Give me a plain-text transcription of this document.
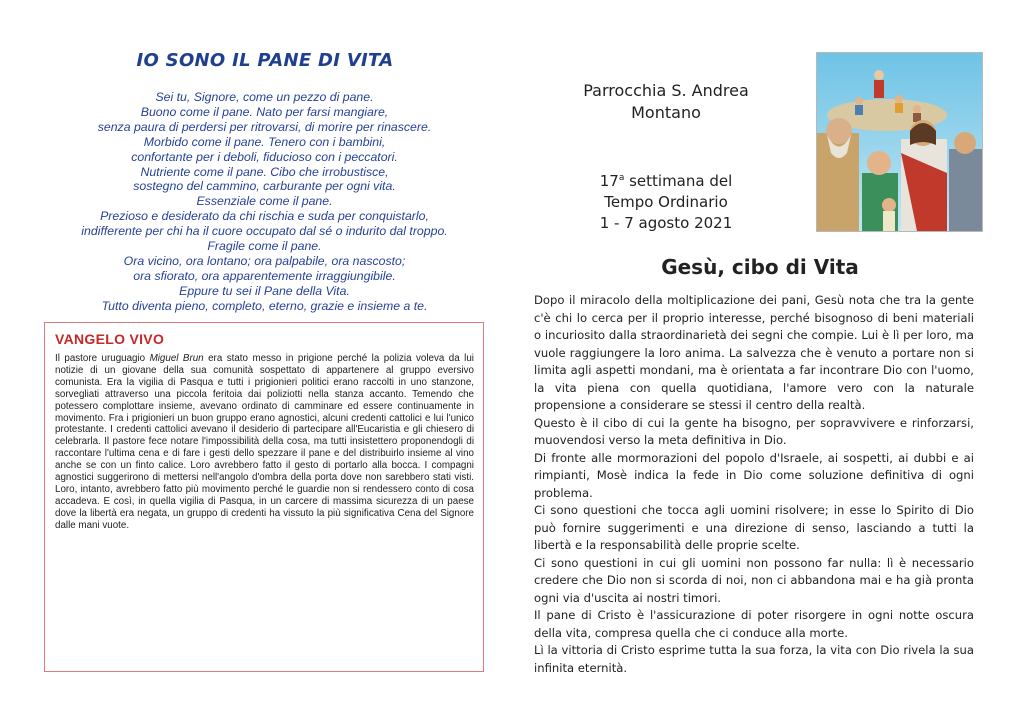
IO SONO IL PANE DI VITA
Sei tu, Signore, come un pezzo di pane.
Buono come il pane. Nato per farsi mangiare,
senza paura di perdersi per ritrovarsi, di morire per rinascere.
Morbido come il pane. Tenero con i bambini,
confortante per i deboli, fiducioso con i peccatori.
Nutriente come il pane. Cibo che irrobustisce,
sostegno del cammino, carburante per ogni vita.
Essenziale come il pane.
Prezioso e desiderato da chi rischia e suda per conquistarlo,
indifferente per chi ha il cuore occupato dal sé o indurito dal troppo.
Fragile come il pane.
Ora vicino, ora lontano; ora palpabile, ora nascosto;
ora sfiorato, ora apparentemente irraggiungibile.
Eppure tu sei il Pane della Vita.
Tutto diventa pieno, completo, eterno, grazie e insieme a te.
VANGELO VIVO
Il pastore uruguagio Miguel Brun era stato messo in prigione perché la polizia voleva da lui notizie di un giovane della sua comunità sospettato di appartenere al gruppo eversivo comunista. Era la vigilia di Pasqua e tutti i prigionieri politici erano raccolti in uno stanzone, sorvegliati attraverso una piccola feritoia dai poliziotti nella stanza accanto. Temendo che potessero complottare insieme, avevano ordinato di camminare ed essere continuamente in movimento. Fra i prigionieri un buon gruppo erano agnostici, alcuni credenti cattolici e lui l'unico protestante. I credenti cattolici avevano il desiderio di partecipare all'Eucaristia e gli chiesero di celebrarla. Il pastore fece notare l'impossibilità della cosa, ma tutti insistettero proponendogli di raccontare l'ultima cena e di fare i gesti dello spezzare il pane e del distribuirlo insieme al vino anche se con un finto calice. Loro avrebbero fatto il gesto di portarlo alla bocca. I compagni agnostici suggerirono di mettersi nell'angolo d'ombra della porta dove non sarebbero stati visti. Loro, intanto, avrebbero fatto più movimento perché le guardie non si rendessero conto di cosa accadeva. E così, in quella vigilia di Pasqua, in un carcere di massima sicurezza di un paese dove la libertà era negata, un gruppo di credenti ha vissuto la più significativa Cena del Signore dalle mani vuote.
Parrocchia S. Andrea
Montano
17$^a$ settimana del
Tempo Ordinario
1 - 7 agosto 2021
Gesù, cibo di Vita

Dopo il miracolo della moltiplicazione dei pani, Gesù nota che tra la gente c'è chi lo cerca per il proprio interesse, perché bisognoso di beni materiali o incuriosito dalla straordinarietà dei segni che compie. Lui è lì per loro, ma vuole raggiungere la loro anima. La salvezza che è venuto a portare non si limita agli aspetti mondani, ma è orientata a far incontrare Dio con l'uomo, la vita piena con quella quotidiana, l'amore vero con la naturale propensione a considerare se stessi il centro della realtà.

Questo è il cibo di cui la gente ha bisogno, per sopravvivere e rinforzarsi, muovendosi verso la meta definitiva in Dio.

Di fronte alle mormorazioni del popolo d'Israele, ai sospetti, ai dubbi e ai rimpianti, Mosè indica la fede in Dio come soluzione definitiva di ogni problema.

Ci sono questioni che tocca agli uomini risolvere; in esse lo Spirito di Dio può fornire suggerimenti e una direzione di senso, lasciando a tutti la libertà e la responsabilità delle proprie scelte.

Ci sono questioni in cui gli uomini non possono far nulla: lì è necessario credere che Dio non si scorda di noi, non ci abbandona mai e ha già pronta ogni via d'uscita ai nostri timori.

Il pane di Cristo è l'assicurazione di poter risorgere in ogni notte oscura della vita, compresa quella che ci conduce alla morte.

Lì la vittoria di Cristo esprime tutta la sua forza, la vita con Dio rivela la sua infinita eternità.
